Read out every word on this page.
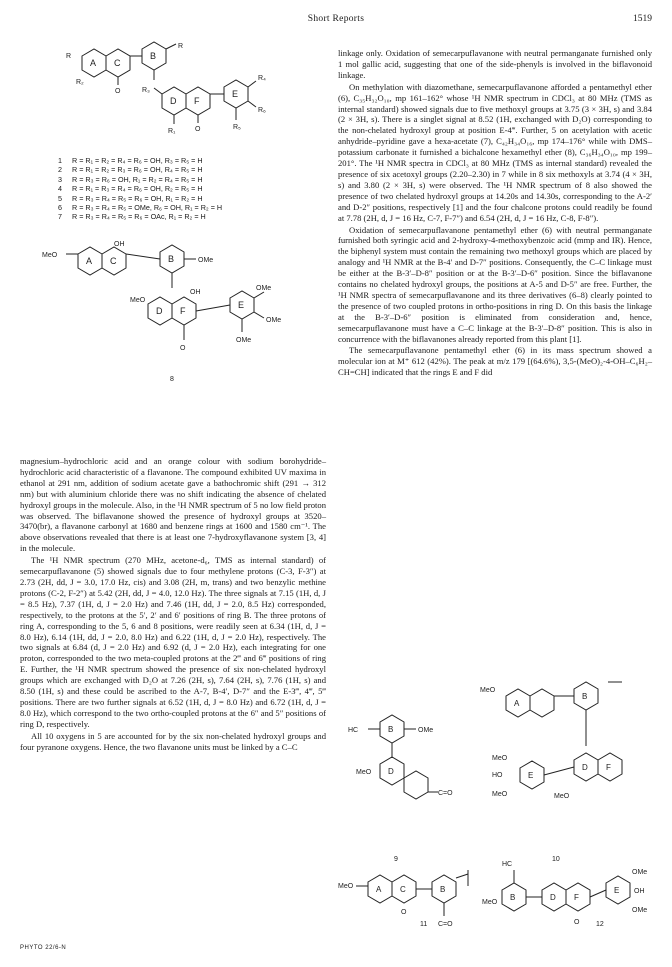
Short Reports	1519
A C
B
D F
E
R
R
R₂
O	R₃
R₄
R₆
R₅
R₁	O
1 R = R₁ = R₂ = R₄ = R₆ = OH, R₃ = R₅ = H
2 R = R₁ = R₂ = R₃ = R₆ = OH, R₄ = R₅ = H
3 R = R₃ = R₆ = OH, R₁ = R₂ = R₄ = R₅ = H
4 R = R₁ = R₃ = R₄ = R₆ = OH, R₂ = R₅ = H
5 R = R₃ = R₄ = R₅ = R₆ = OH, R₁ = R₂ = H
6 R = R₃ = R₄ = R₅ = OMe, R₆ = OH, R₁ = R₂ = H
7 R = R₃ = R₄ = R₅ = R₆ = OAc, R₁ = R₂ = H
A C	B
D F
E
MeO
OH
OMe
MeO
OH
OMe
OMe
OMe
O
8

magnesium–hydrochloric acid and an orange colour with sodium borohydride–hydrochloric acid characteristic of a flavanone. The compound exhibited UV maxima in ethanol at 291 nm, addition of sodium acetate gave a bathochromic shift (291 → 312 nm) but with aluminium chloride there was no shift indicating the absence of chelated hydroxyl groups in the molecule. Also, in the ¹H NMR spectrum of 5 no low field proton was observed. The biflavanone showed the presence of hydroxyl groups at 3520–3470(br), a flavanone carbonyl at 1680 and benzene rings at 1600 and 1580 cm⁻¹. The above observations revealed that there is at least one 7-hydroxyflavanone system [3, 4] in the molecule.

The ¹H NMR spectrum (270 MHz, acetone-d₆, TMS as internal standard) of semecarpuflavanone (5) showed signals due to four methylene protons (C-3, F-3″) at 2.73 (2H, dd, J = 3.0, 17.0 Hz, cis) and 3.08 (2H, m, trans) and two benzylic methine protons (C-2, F-2″) at 5.42 (2H, dd, J = 4.0, 12.0 Hz). The three signals at 7.15 (1H, d, J = 8.5 Hz), 7.37 (1H, d, J = 2.0 Hz) and 7.46 (1H, dd, J = 2.0, 8.5 Hz) corresponded, respectively, to the protons at the 5′, 2′ and 6′ positions of ring B. The three protons of ring A, corresponding to the 5, 6 and 8 positions, were readily seen at 6.34 (1H, d, J = 8.0 Hz), 6.14 (1H, dd, J = 2.0, 8.0 Hz) and 6.22 (1H, d, J = 2.0 Hz), respectively. The two signals at 6.84 (d, J = 2.0 Hz) and 6.92 (d, J = 2.0 Hz), each integrating for one proton, corresponded to the two meta-coupled protons at the 2‴ and 6‴ positions of ring E. Further, the ¹H NMR spectrum showed the presence of six non-chelated hydroxyl groups which are exchanged with D₂O at 7.26 (2H, s), 7.64 (2H, s), 7.76 (1H, s) and 8.50 (1H, s) and these could be ascribed to the A-7, B-4′, D-7″ and the E-3‴, 4‴, 5‴ positions. There are two further signals at 6.52 (1H, d, J = 8.0 Hz) and 6.72 (1H, d, J = 8.0 Hz), which correspond to the two ortho-coupled protons at the 6″ and 5″ positions of ring D, respectively.

All 10 oxygens in 5 are accounted for by the six non-chelated hydroxyl groups and four pyranone oxygens. Hence, the two flavanone units must be linked by a C–C

linkage only. Oxidation of semecarpuflavanone with neutral permanganate furnished only 1 mol gallic acid, suggesting that one of the side-phenyls is involved in the biflavonoid linkage.

On methylation with diazomethane, semecarpuflavanone afforded a pentamethyl ether (6), C₃₅H₃₂O₁₀, mp 161–162° whose ¹H NMR spectrum in CDCl₃ at 80 MHz (TMS as internal standard) showed signals due to five methoxyl groups at 3.75 (3 × 3H, s) and 3.84 (2 × 3H, s). There is a singlet signal at 8.52 (1H, exchanged with D₂O) corresponding to the non-chelated hydroxyl group at position E-4‴. Further, 5 on acetylation with acetic anhydride–pyridine gave a hexa-acetate (7), C₄₂H₃₄O₁₆, mp 174–176° while with DMS–potassium carbonate it furnished a bichalcone hexamethyl ether (8), C₃₆H₃₄O₁₀, mp 199–201°. The ¹H NMR spectra in CDCl₃ at 80 MHz (TMS as internal standard) revealed the presence of six acetoxyl groups (2.20–2.30) in 7 while in 8 six methoxyls at 3.74 (4 × 3H, s) and 3.80 (2 × 3H, s) were observed. The ¹H NMR spectrum of 8 also showed the presence of two chelated hydroxyl groups at 14.20s and 14.30s, corresponding to the A-2′ and D-2″ positions, respectively [1] and the four chalcone protons could readily be found at 7.78 (2H, d, J = 16 Hz, C-7, F-7″) and 6.54 (2H, d, J = 16 Hz, C-8, F-8″).

Oxidation of semecarpuflavanone pentamethyl ether (6) with neutral permanganate furnished both syringic acid and 2-hydroxy-4-methoxybenzoic acid (mmp and IR). Hence, the biphenyl system must contain the remaining two methoxyl groups which are placed by analogy and ¹H NMR at the B-4′ and D-7″ positions. Consequently, the C–C linkage must be either at the B-3′–D-8″ position or at the B-3′–D-6″ position. Since the biflavanone contains no chelated hydroxyl groups, the positions at A-5 and D-5″ are free. Further, the ¹H NMR spectra of semecarpuflavanone and its three derivatives (6–8) clearly pointed to the presence of two coupled protons in ortho-positions in ring D. On this basis the linkage at the B-3′–D-6″ position is eliminated from consideration and, hence, semecarpuflavanone must have a C–C linkage at the B-3′–D-8″ position. This is also in concurrence with the biflavanones already reported from this plant [1].

The semecarpuflavanone pentamethyl ether (6) in its mass spectrum showed a molecular ion at M⁺ 612 (42%). The peak at m/z 179 [(64.6%), 3,5-(MeO)₂-4-OH–C₆H₂–CH=CH] indicated that the rings E and F did

B
D
HC	OMe
MeO
C=O
9
A
B
E
D F
MeO
MeO
HO
MeO	MeO
10
A C	B
MeO
O
C=O
11
B	D F
E
MeO
HC
OMe
OH
OMe
O 12
PHYTO 22/6-N
